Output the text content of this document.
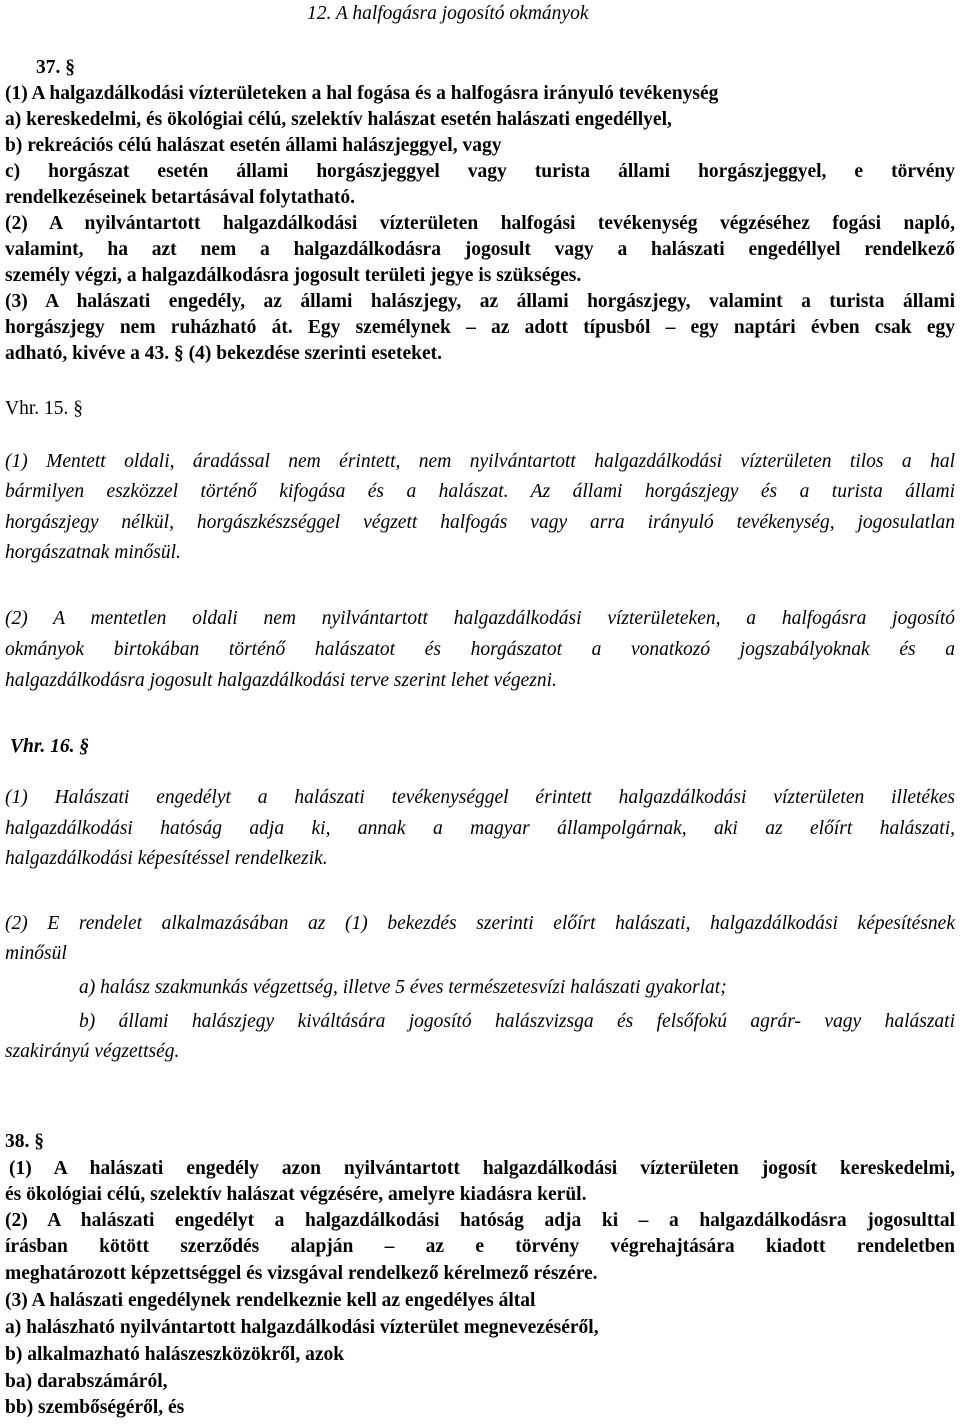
12. A halfogásra jogosító okmányok
37. §
(1) A halgazdálkodási vízterületeken a hal fogása és a halfogásra irányuló tevékenység
a) kereskedelmi, és ökológiai célú, szelektív halászat esetén halászati engedéllyel,
b) rekreációs célú halászat esetén állami halászjeggyel, vagy
c) horgászat esetén állami horgászjeggyel vagy turista állami horgászjeggyel, e törvény
rendelkezéseinek betartásával folytatható.
(2) A nyilvántartott halgazdálkodási vízterületen halfogási tevékenység végzéséhez fogási napló,
valamint, ha azt nem a halgazdálkodásra jogosult vagy a halászati engedéllyel rendelkező
személy végzi, a halgazdálkodásra jogosult területi jegye is szükséges.
(3) A halászati engedély, az állami halászjegy, az állami horgászjegy, valamint a turista állami
horgászjegy nem ruházható át. Egy személynek – az adott típusból – egy naptári évben csak egy
adható, kivéve a 43. § (4) bekezdése szerinti eseteket.
Vhr. 15. §
(1) Mentett oldali, áradással nem érintett, nem nyilvántartott halgazdálkodási vízterületen tilos a hal
bármilyen eszközzel történő kifogása és a halászat. Az állami horgászjegy és a turista állami
horgászjegy nélkül, horgászkészséggel végzett halfogás vagy arra irányuló tevékenység, jogosulatlan
horgászatnak minősül.
(2) A mentetlen oldali nem nyilvántartott halgazdálkodási vízterületeken, a halfogásra jogosító
okmányok birtokában történő halászatot és horgászatot a vonatkozó jogszabályoknak és a
halgazdálkodásra jogosult halgazdálkodási terve szerint lehet végezni.
Vhr. 16. §
(1) Halászati engedélyt a halászati tevékenységgel érintett halgazdálkodási vízterületen illetékes
halgazdálkodási hatóság adja ki, annak a magyar állampolgárnak, aki az előírt halászati,
halgazdálkodási képesítéssel rendelkezik.
(2) E rendelet alkalmazásában az (1) bekezdés szerinti előírt halászati, halgazdálkodási képesítésnek
minősül
a) halász szakmunkás végzettség, illetve 5 éves természetesvízi halászati gyakorlat;
b) állami halászjegy kiváltására jogosító halászvizsga és felsőfokú agrár- vagy halászati
szakirányú végzettség.
38. §
(1) A halászati engedély azon nyilvántartott halgazdálkodási vízterületen jogosít kereskedelmi,
és ökológiai célú, szelektív halászat végzésére, amelyre kiadásra kerül.
(2) A halászati engedélyt a halgazdálkodási hatóság adja ki – a halgazdálkodásra jogosulttal
írásban kötött szerződés alapján – az e törvény végrehajtására kiadott rendeletben
meghatározott képzettséggel és vizsgával rendelkező kérelmező részére.
(3) A halászati engedélynek rendelkeznie kell az engedélyes által
a) halászható nyilvántartott halgazdálkodási vízterület megnevezéséről,
b) alkalmazható halászeszközökről, azok
ba) darabszámáról,
bb) szembőségéről, és
